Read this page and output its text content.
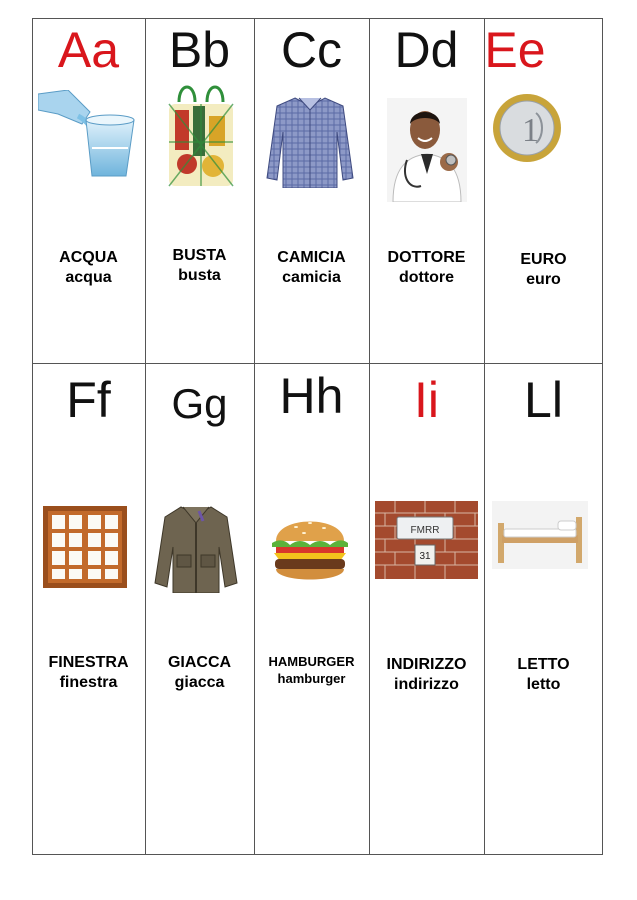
Aa
ACQUA
acqua
Bb
BUSTA
busta
Cc
CAMICIA
camicia
Dd
DOTTORE
dottore
Ee
1
EURO
euro
Ff
FINESTRA
finestra
Gg
GIACCA
giacca
Hh
HAMBURGER
hamburger
Ii
FMRR
31
INDIRIZZO
indirizzo
Ll
LETTO
letto
